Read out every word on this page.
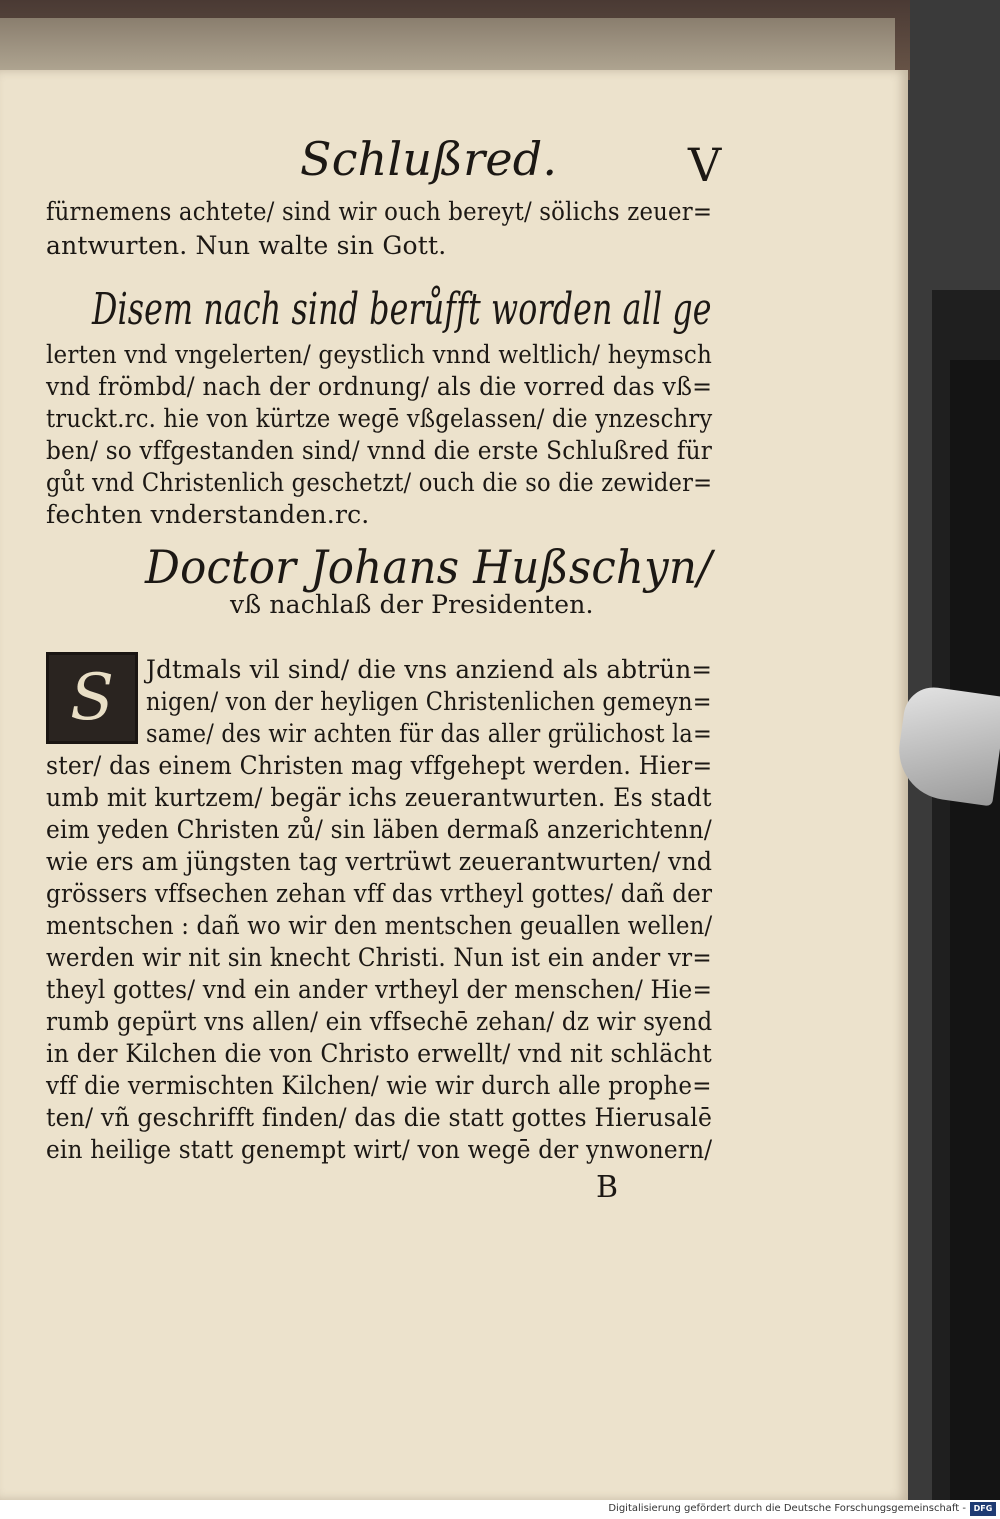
Schlußred.	V
fürnemens achtete/ sind wir ouch bereyt/ sölichs zeuer=
antwurten. Nun walte sin Gott.
Disem nach sind berůfft worden all ge
lerten vnd vngelerten/ geystlich vnnd weltlich/ heymsch
vnd frömbd/ nach der ordnung/ als die vorred das vß=
truckt.rc. hie von kürtze wegē vßgelassen/ die ynzeschry
ben/ so vffgestanden sind/ vnnd die erste Schlußred für
gůt vnd Christenlich geschetzt/ ouch die so die zewider=
fechten vnderstanden.rc.
Doctor Johans Hußschyn/
vß nachlaß der Presidenten.
S	Jdtmals vil sind/ die vns anziend als abtrün=
nigen/ von der heyligen Christenlichen gemeyn=
same/ des wir achten für das aller grülichost la=
ster/ das einem Christen mag vffgehept werden. Hier=
umb mit kurtzem/ begär ichs zeuerantwurten. Es stadt
eim yeden Christen zů/ sin läben dermaß anzerichtenn/
wie ers am jüngsten tag vertrüwt zeuerantwurten/ vnd
grössers vffsechen zehan vff das vrtheyl gottes/ dañ der
mentschen : dañ wo wir den mentschen geuallen wellen/
werden wir nit sin knecht Christi. Nun ist ein ander vr=
theyl gottes/ vnd ein ander vrtheyl der menschen/ Hie=
rumb gepürt vns allen/ ein vffsechē zehan/ dz wir syend
in der Kilchen die von Christo erwellt/ vnd nit schlächt
vff die vermischten Kilchen/ wie wir durch alle prophe=
ten/ vñ geschrifft finden/ das die statt gottes Hierusalē
ein heilige statt genempt wirt/ von wegē der ynwonern/
B
Digitalisierung gefördert durch die Deutsche Forschungsgemeinschaft - DFG
